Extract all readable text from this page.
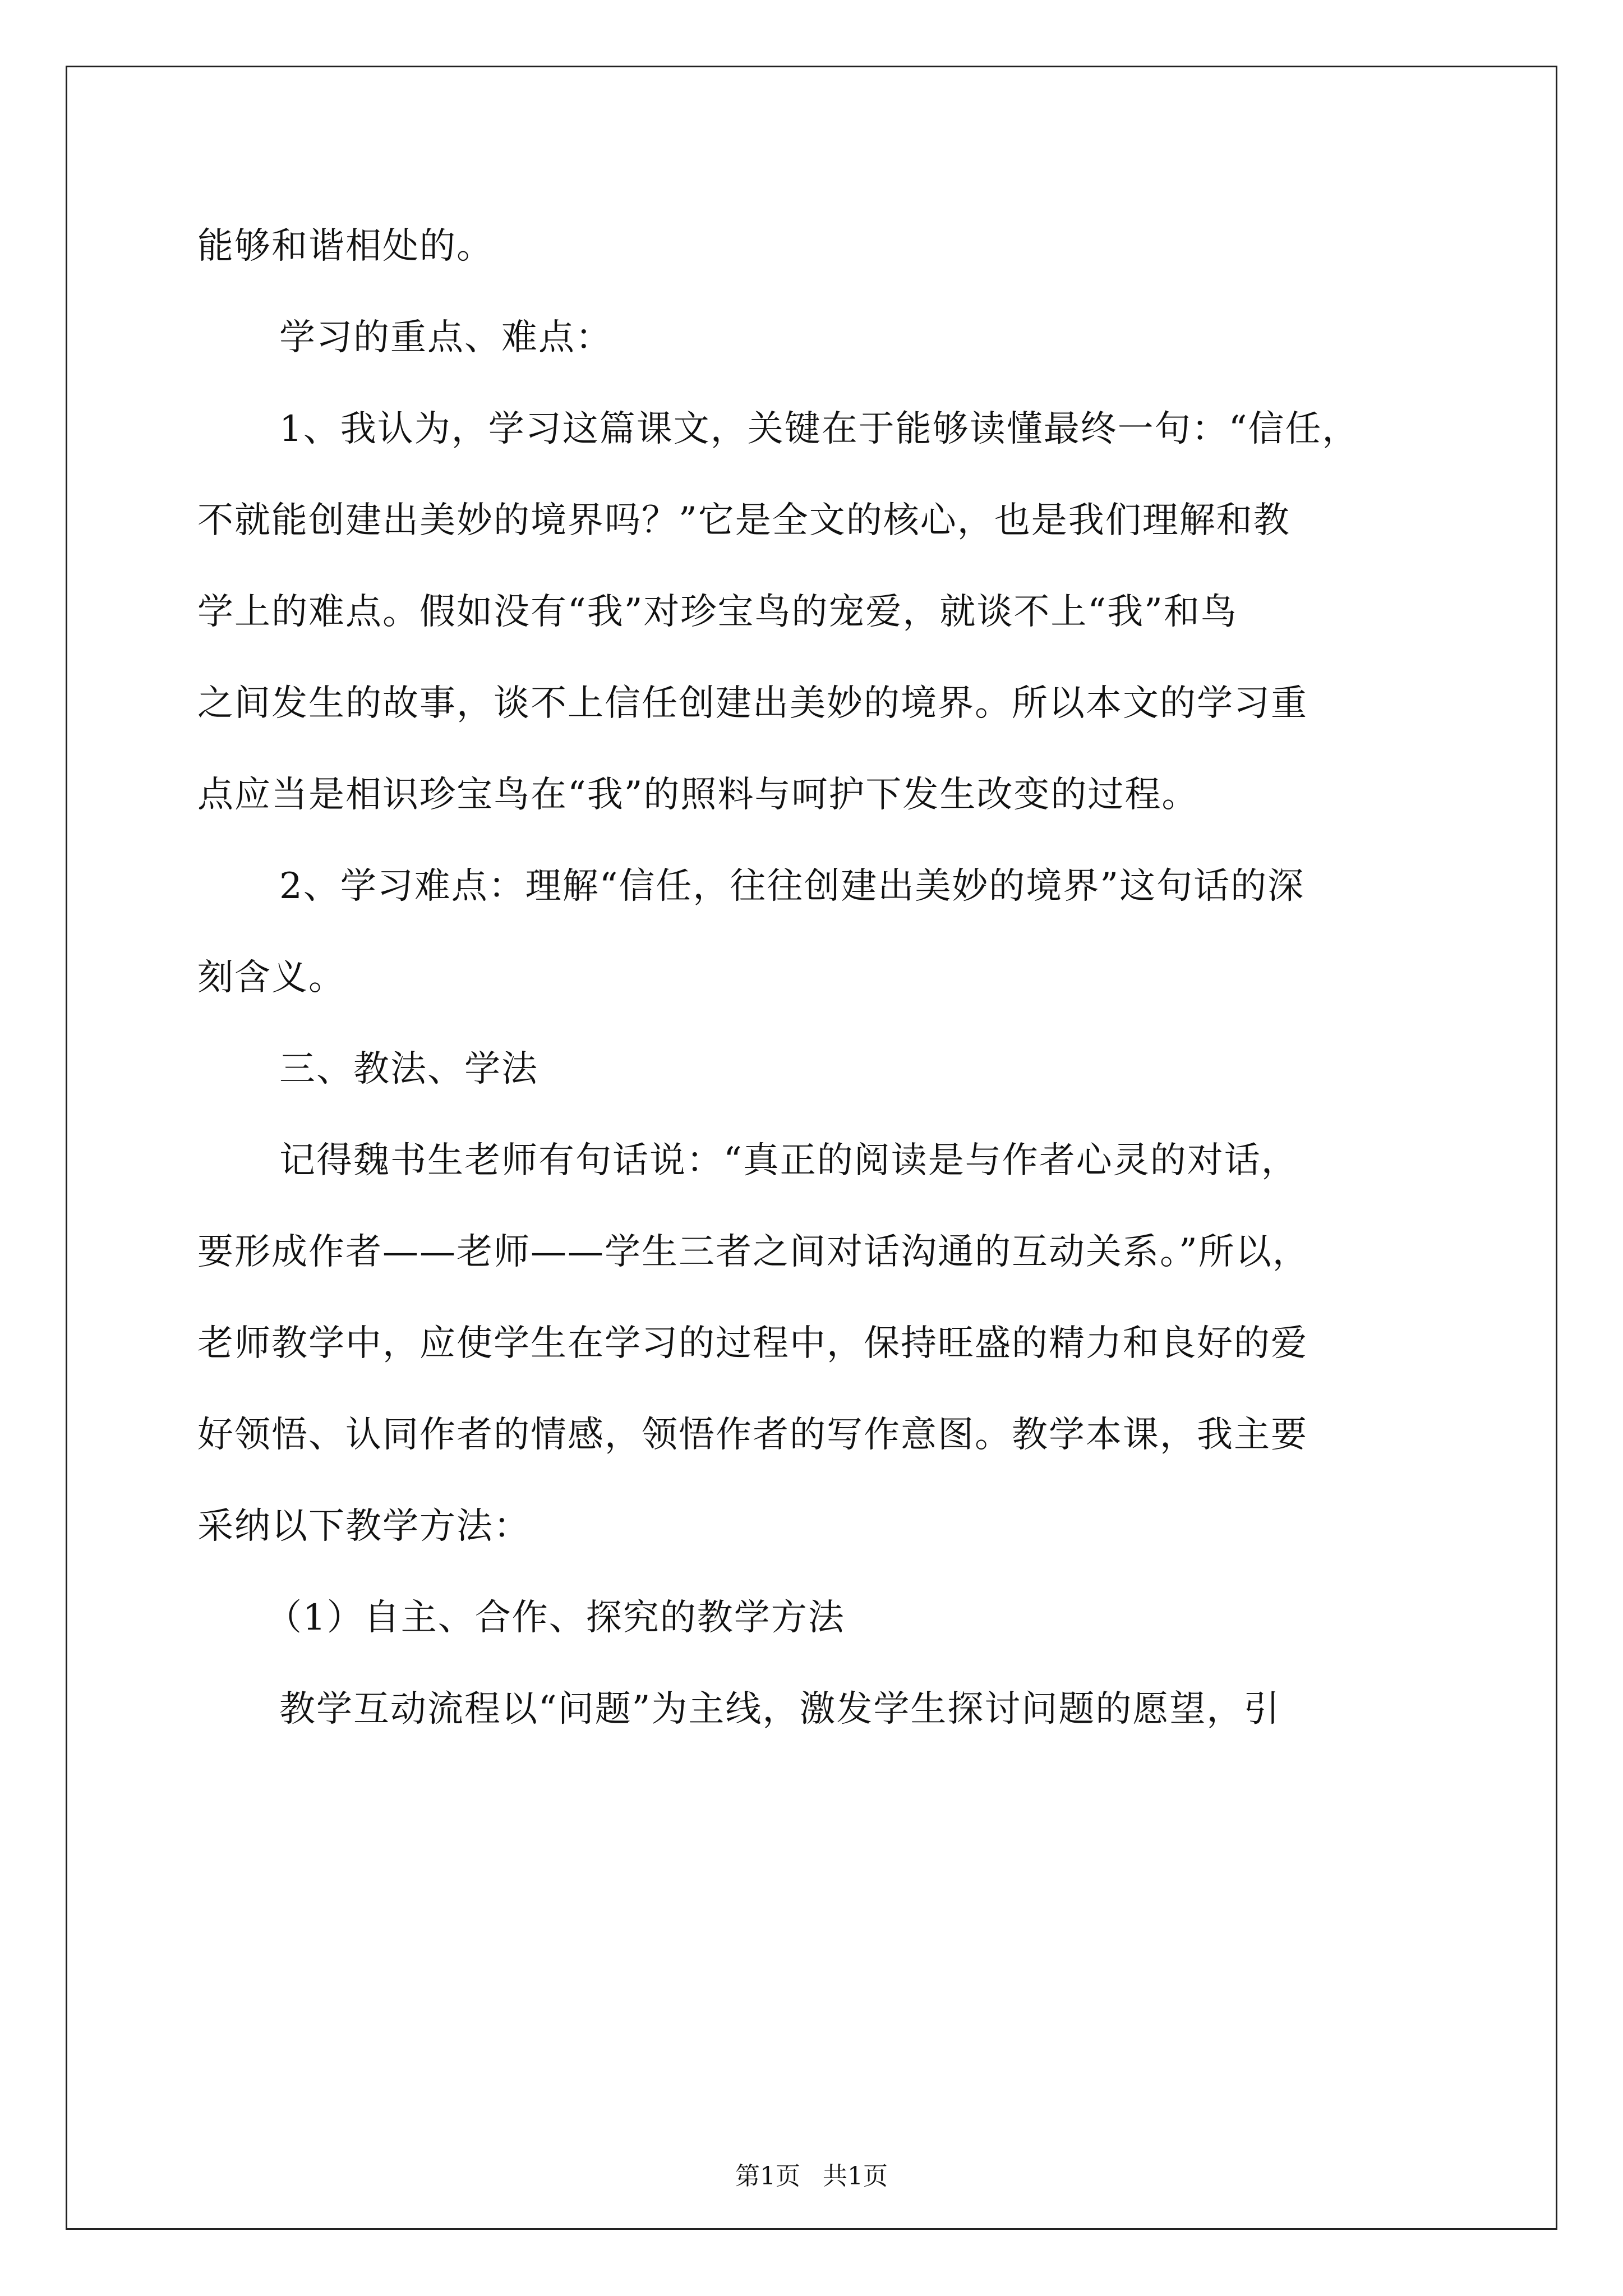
能够和谐相处的。
学习的重点、难点：
1、我认为，学习这篇课文，关键在于能够读懂最终一句：“信任，
不就能创建出美妙的境界吗？”它是全文的核心，也是我们理解和教
学上的难点。假如没有“我”对珍宝鸟的宠爱，就谈不上“我”和鸟
之间发生的故事，谈不上信任创建出美妙的境界。所以本文的学习重
点应当是相识珍宝鸟在“我”的照料与呵护下发生改变的过程。
2、学习难点：理解“信任，往往创建出美妙的境界”这句话的深
刻含义。
三、教法、学法
记得魏书生老师有句话说：“真正的阅读是与作者心灵的对话，
要形成作者——老师——学生三者之间对话沟通的互动关系。”所以，
老师教学中，应使学生在学习的过程中，保持旺盛的精力和良好的爱
好领悟、认同作者的情感，领悟作者的写作意图。教学本课，我主要
采纳以下教学方法：
（1）自主、合作、探究的教学方法
教学互动流程以“问题”为主线，激发学生探讨问题的愿望，引
第1页 共1页
